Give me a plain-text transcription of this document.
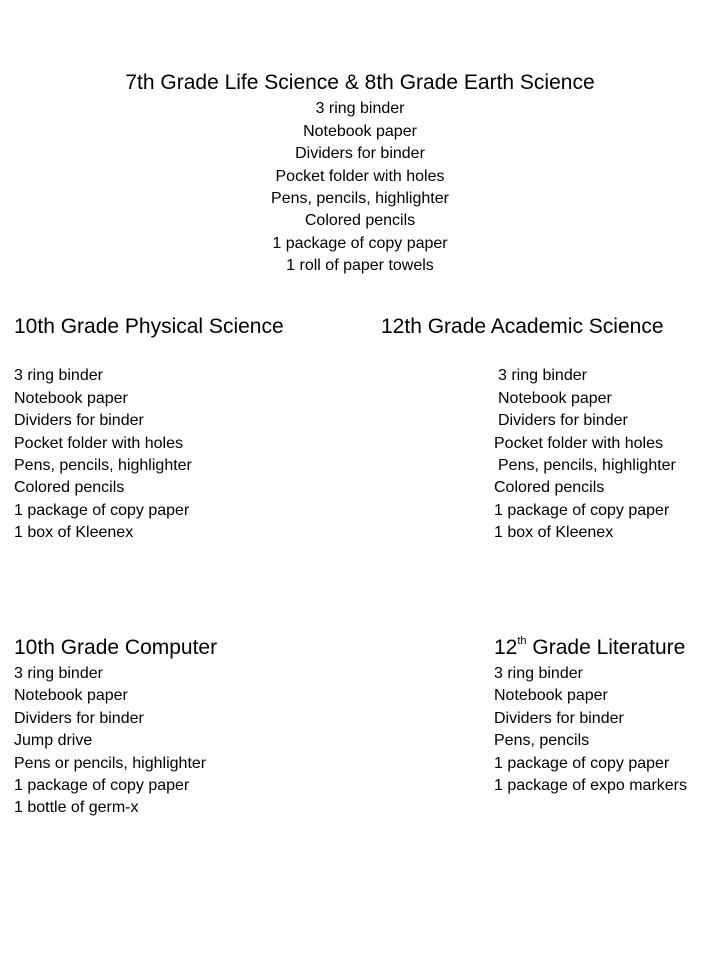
7th Grade Life Science & 8th Grade Earth Science
3 ring binder
Notebook paper
Dividers for binder
Pocket folder with holes
Pens, pencils, highlighter
Colored pencils
1 package of copy paper
1 roll of paper towels
10th Grade Physical Science
3 ring binder
Notebook paper
Dividers for binder
Pocket folder with holes
Pens, pencils, highlighter
Colored pencils
1 package of copy paper
1 box of Kleenex
12th Grade Academic Science
3 ring binder
Notebook paper
Dividers for binder
Pocket folder with holes
Pens, pencils, highlighter
Colored pencils
1 package of copy paper
1 box of Kleenex
10th Grade Computer
3 ring binder
Notebook paper
Dividers for binder
Jump drive
Pens or pencils, highlighter
1 package of copy paper
1 bottle of germ-x
12th Grade Literature
3 ring binder
Notebook paper
Dividers for binder
Pens, pencils
1 package of copy paper
1 package of expo markers
